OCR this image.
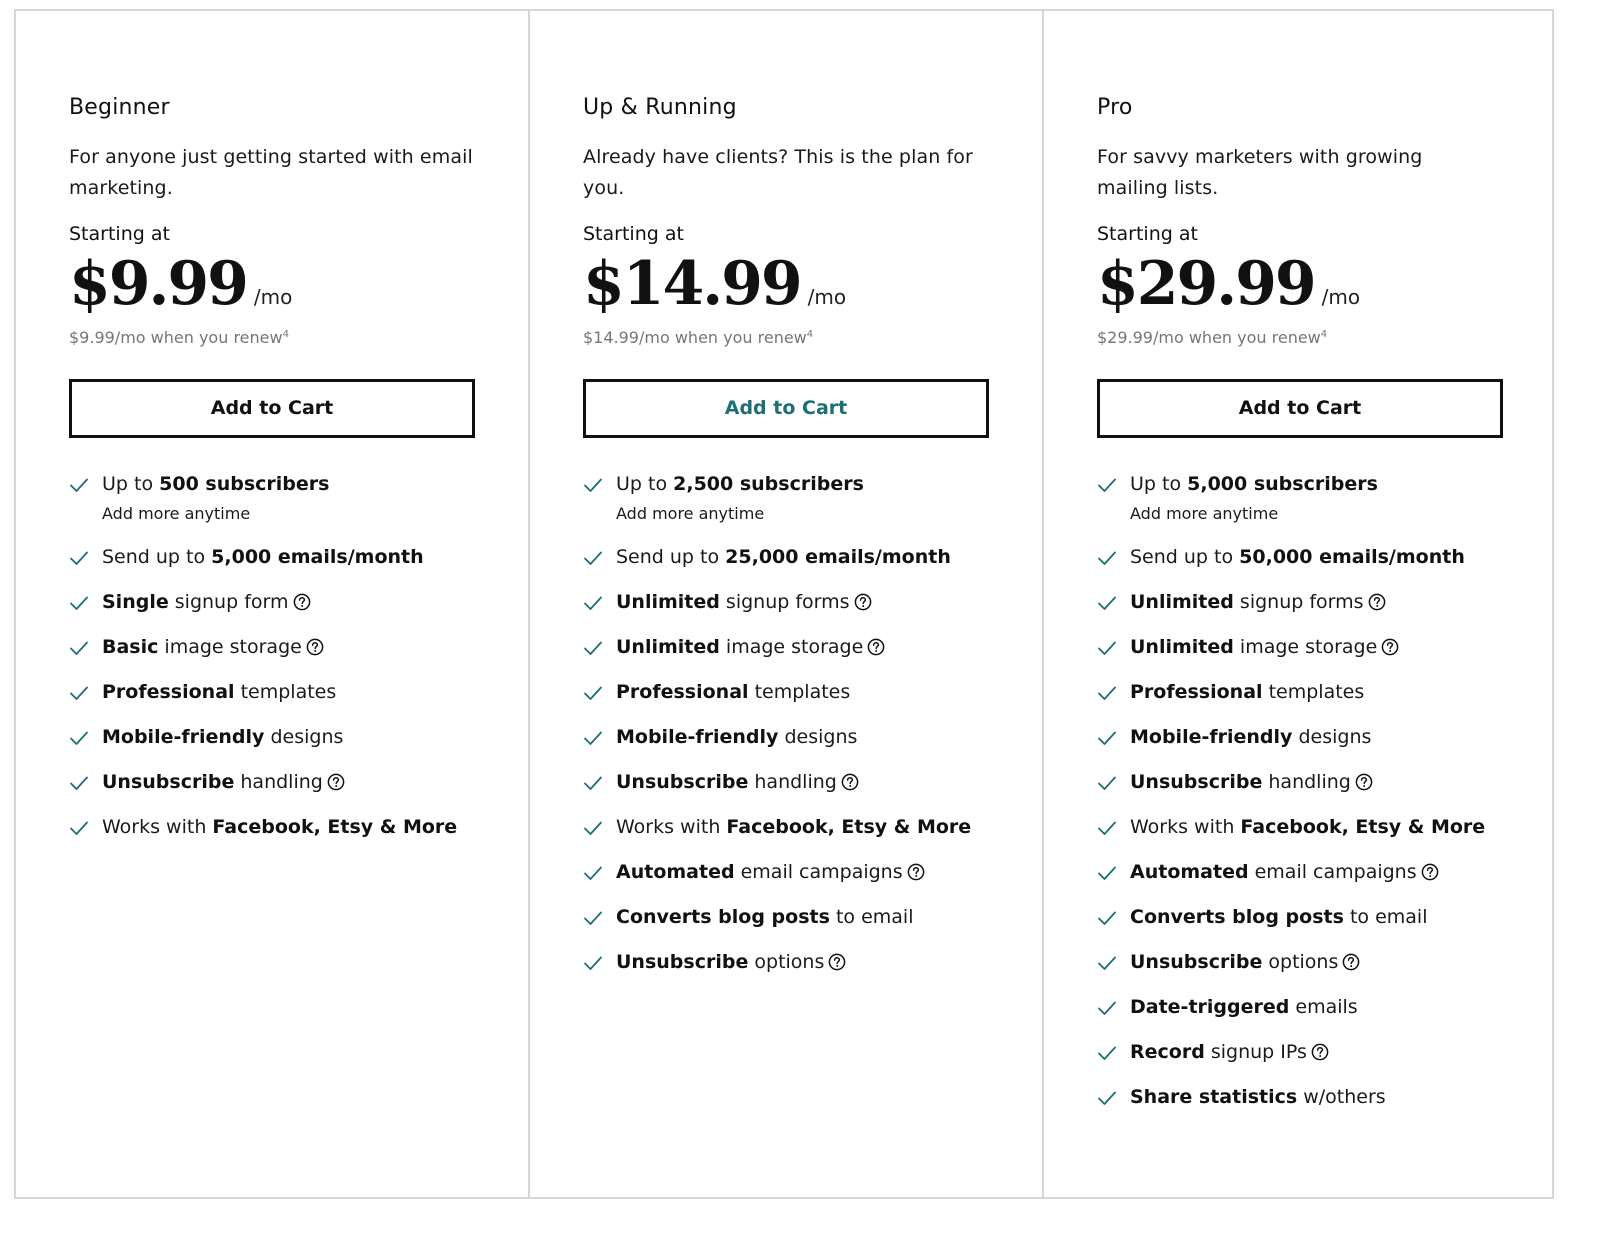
Beginner

For anyone just getting started with email marketing.

Starting at
$9.99 /mo
$9.99/mo when you renew$^4$
Add to Cart
Up to 500 subscribers
Add more anytime
Send up to 5,000 emails/month
Single signup form
Basic image storage
Professional templates
Mobile-friendly designs
Unsubscribe handling
Works with Facebook, Etsy & More
Up & Running

Already have clients? This is the plan for you.

Starting at
$14.99 /mo
$14.99/mo when you renew$^4$
Add to Cart
Up to 2,500 subscribers
Add more anytime
Send up to 25,000 emails/month
Unlimited signup forms
Unlimited image storage
Professional templates
Mobile-friendly designs
Unsubscribe handling
Works with Facebook, Etsy & More
Automated email campaigns
Converts blog posts to email
Unsubscribe options
Pro

For savvy marketers with growing mailing lists.

Starting at
$29.99 /mo
$29.99/mo when you renew$^4$
Add to Cart
Up to 5,000 subscribers
Add more anytime
Send up to 50,000 emails/month
Unlimited signup forms
Unlimited image storage
Professional templates
Mobile-friendly designs
Unsubscribe handling
Works with Facebook, Etsy & More
Automated email campaigns
Converts blog posts to email
Unsubscribe options
Date-triggered emails
Record signup IPs
Share statistics w/others
